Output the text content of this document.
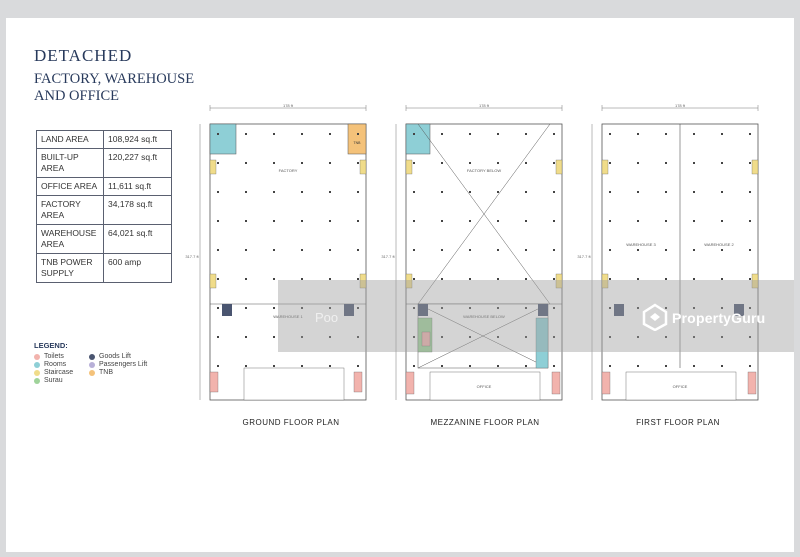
DETACHED
FACTORY, WAREHOUSE
AND OFFICE
LAND AREA	108,924 sq.ft
BUILT-UP AREA	120,227 sq.ft
OFFICE AREA	11,611 sq.ft
FACTORY AREA	34,178 sq.ft
WAREHOUSE AREA	64,021 sq.ft
TNB POWER SUPPLY	600 amp
LEGEND:
Toilets	Goods Lift
Rooms	Passengers Lift
Staircase	TNB
Surau
178 ft
317.7 ft
TNB
FACTORY
WAREHOUSE 1
178 ft
317.7 ft
FACTORY BELOW
WAREHOUSE BELOW
OFFICE
178 ft
317.7 ft
WAREHOUSE 3	WAREHOUSE 2
OFFICE
GROUND FLOOR PLAN	MEZZANINE FLOOR PLAN	FIRST FLOOR PLAN
Poo	PropertyGuru
